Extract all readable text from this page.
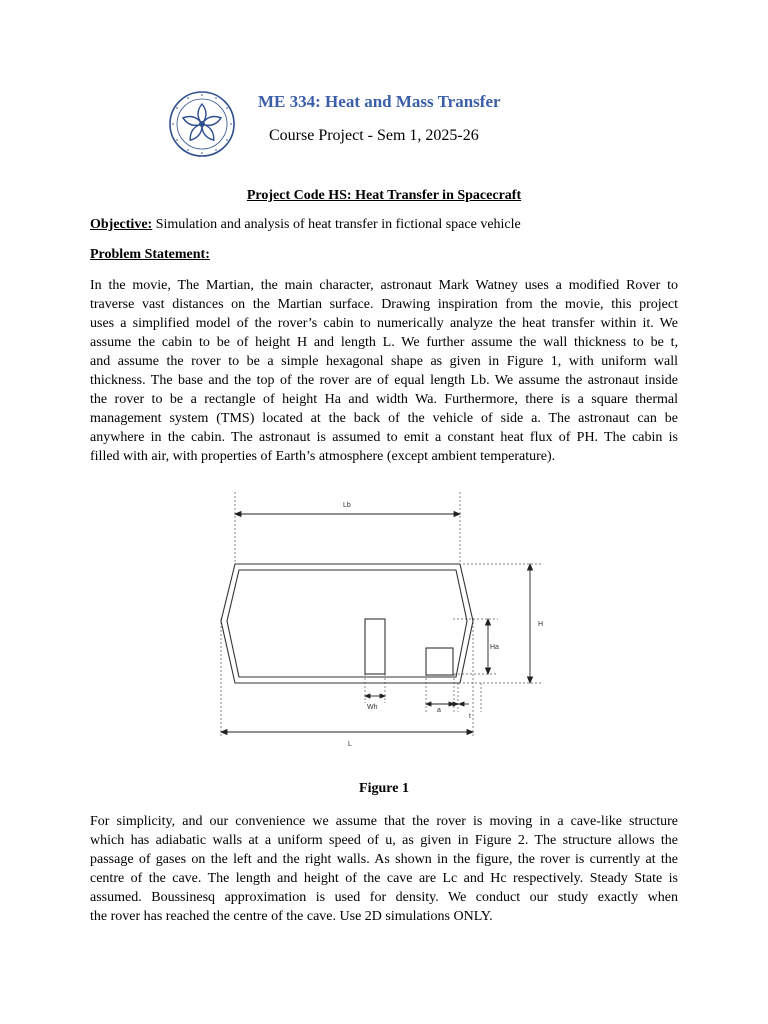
ME 334: Heat and Mass Transfer
Course Project - Sem 1, 2025-26
Project Code HS: Heat Transfer in Spacecraft
Objective: Simulation and analysis of heat transfer in fictional space vehicle
Problem Statement:
In the movie, The Martian, the main character, astronaut Mark Watney uses a modified Rover to
traverse vast distances on the Martian surface. Drawing inspiration from the movie, this project
uses a simplified model of the rover’s cabin to numerically analyze the heat transfer within it. We
assume the cabin to be of height H and length L. We further assume the wall thickness to be t,
and assume the rover to be a simple hexagonal shape as given in Figure 1, with uniform wall
thickness. The base and the top of the rover are of equal length Lb. We assume the astronaut inside
the rover to be a rectangle of height Ha and width Wa. Furthermore, there is a square thermal
management system (TMS) located at the back of the vehicle of side a. The astronaut can be
anywhere in the cabin. The astronaut is assumed to emit a constant heat flux of PH. The cabin is
filled with air, with properties of Earth’s atmosphere (except ambient temperature).
Lb
H
Ha
Wh	a
t
L
Figure 1
For simplicity, and our convenience we assume that the rover is moving in a cave-like structure
which has adiabatic walls at a uniform speed of u, as given in Figure 2. The structure allows the
passage of gases on the left and the right walls. As shown in the figure, the rover is currently at the
centre of the cave. The length and height of the cave are Lc and Hc respectively. Steady State is
assumed. Boussinesq approximation is used for density. We conduct our study exactly when
the rover has reached the centre of the cave. Use 2D simulations ONLY.
